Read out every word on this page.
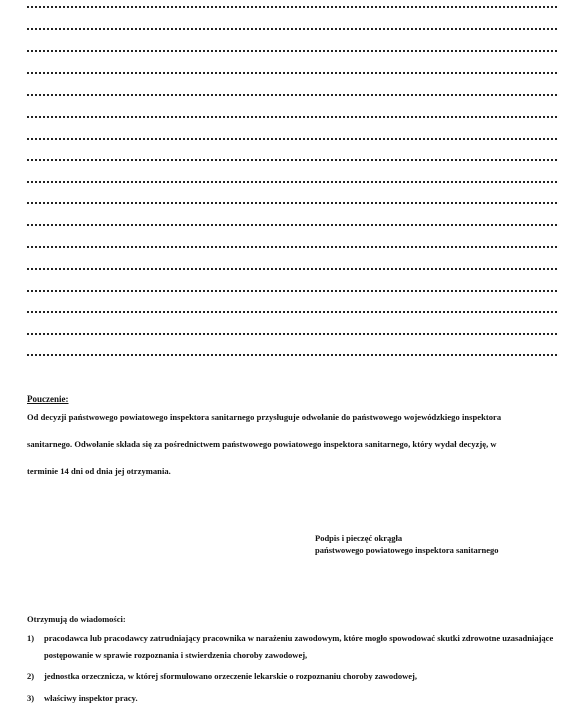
Pouczenie:

Od decyzji państwowego powiatowego inspektora sanitarnego przysługuje odwołanie do państwowego wojewódzkiego inspektora

sanitarnego. Odwołanie składa się za pośrednictwem państwowego powiatowego inspektora sanitarnego, który wydał decyzję, w

terminie 14 dni od dnia jej otrzymania.

Podpis i pieczęć okrągła
państwowego powiatowego inspektora sanitarnego
Otrzymują do wiadomości:
1) pracodawca lub pracodawcy zatrudniający pracownika w narażeniu zawodowym, które mogło spowodować skutki zdrowotne uzasadniające postępowanie w sprawie rozpoznania i stwierdzenia choroby zawodowej,
2) jednostka orzecznicza, w której sformułowano orzeczenie lekarskie o rozpoznaniu choroby zawodowej,
3) właściwy inspektor pracy.
